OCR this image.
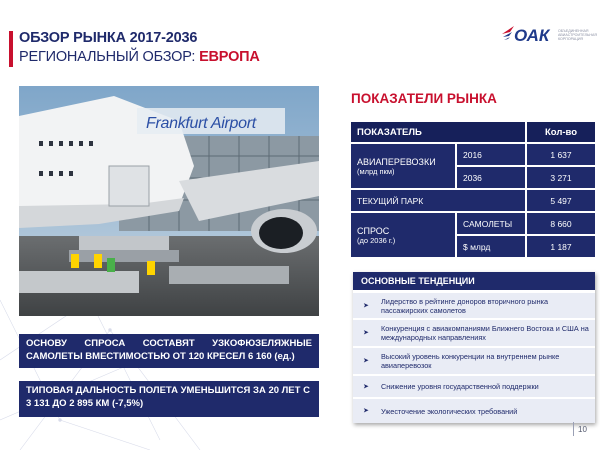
ОБЗОР РЫНКА 2017-2036
РЕГИОНАЛЬНЫЙ ОБЗОР: ЕВРОПА
ОАК ОБЪЕДИНЕННАЯ АВИАСТРОИТЕЛЬНАЯ КОРПОРАЦИЯ
Frankfurt Airport
ОСНОВУ СПРОСА СОСТАВЯТ УЗКОФЮЗЕЛЯЖНЫЕ САМОЛЕТЫ ВМЕСТИМОСТЬЮ ОТ 120 КРЕСЕЛ 6 160 (ед.)
ТИПОВАЯ ДАЛЬНОСТЬ ПОЛЕТА УМЕНЬШИТСЯ ЗА 20 ЛЕТ С 3 131 ДО 2 895 КМ (-7,5%)
ПОКАЗАТЕЛИ РЫНКА
ПОКАЗАТЕЛЬ	Кол-во
АВИАПЕРЕВОЗКИ
(млрд пкм)
2016	1 637
2036	3 271
ТЕКУЩИЙ ПАРК	5 497
СПРОС
(до 2036 г.)
САМОЛЕТЫ	8 660
$ млрд	1 187
ОСНОВНЫЕ ТЕНДЕНЦИИ
➤ Лидерство в рейтинге доноров вторичного рынка пассажирских самолетов
➤ Конкуренция с авиакомпаниями Ближнего Востока и США на международных направлениях
➤ Высокий уровень конкуренции на внутреннем рынке авиаперевозок
➤ Снижение уровня государственной поддержки
➤ Ужесточение экологических требований
10
